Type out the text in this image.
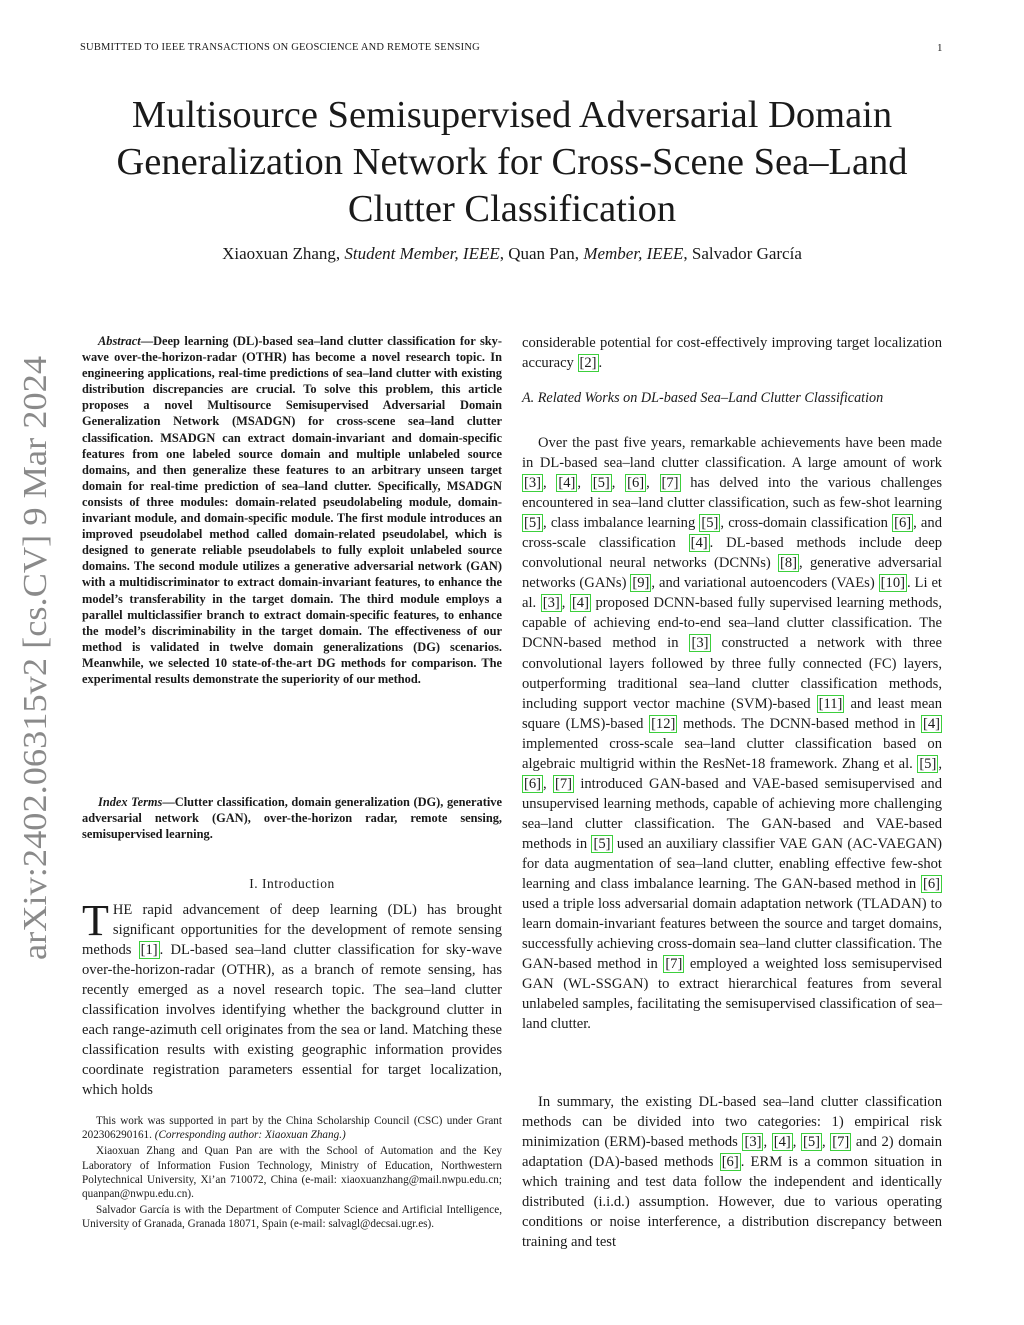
SUBMITTED TO IEEE TRANSACTIONS ON GEOSCIENCE AND REMOTE SENSING	1
Multisource Semisupervised Adversarial Domain
Generalization Network for Cross-Scene Sea–Land
Clutter Classification
Xiaoxuan Zhang, Student Member, IEEE, Quan Pan, Member, IEEE, Salvador García
arXiv:2402.06315v2 [cs.CV] 9 Mar 2024

Abstract—Deep learning (DL)-based sea–land clutter classification for sky-wave over-the-horizon-radar (OTHR) has become a novel research topic. In engineering applications, real-time predictions of sea–land clutter with existing distribution discrepancies are crucial. To solve this problem, this article proposes a novel Multisource Semisupervised Adversarial Domain Generalization Network (MSADGN) for cross-scene sea–land clutter classification. MSADGN can extract domain-invariant and domain-specific features from one labeled source domain and multiple unlabeled source domains, and then generalize these features to an arbitrary unseen target domain for real-time prediction of sea–land clutter. Specifically, MSADGN consists of three modules: domain-related pseudolabeling module, domain-invariant module, and domain-specific module. The first module introduces an improved pseudolabel method called domain-related pseudolabel, which is designed to generate reliable pseudolabels to fully exploit unlabeled source domains. The second module utilizes a generative adversarial network (GAN) with a multidiscriminator to extract domain-invariant features, to enhance the model’s transferability in the target domain. The third module employs a parallel multiclassifier branch to extract domain-specific features, to enhance the model’s discriminability in the target domain. The effectiveness of our method is validated in twelve domain generalizations (DG) scenarios. Meanwhile, we selected 10 state-of-the-art DG methods for comparison. The experimental results demonstrate the superiority of our method.

Index Terms—Clutter classification, domain generalization (DG), generative adversarial network (GAN), over-the-horizon radar, remote sensing, semisupervised learning.

I. Introduction

THE rapid advancement of deep learning (DL) has brought significant opportunities for the development of remote sensing methods [1] . DL-based sea–land clutter classification for sky-wave over-the-horizon-radar (OTHR), as a branch of remote sensing, has recently emerged as a novel research topic. The sea–land clutter classification involves identifying whether the background clutter in each range-azimuth cell originates from the sea or land. Matching these classification results with existing geographic information provides coordinate registration parameters essential for target localization, which holds

This work was supported in part by the China Scholarship Council (CSC) under Grant 202306290161. (Corresponding author: Xiaoxuan Zhang.)

Xiaoxuan Zhang and Quan Pan are with the School of Automation and the Key Laboratory of Information Fusion Technology, Ministry of Education, Northwestern Polytechnical University, Xi’an 710072, China (e-mail: xiaoxuanzhang@mail.nwpu.edu.cn; quanpan@nwpu.edu.cn).

Salvador García is with the Department of Computer Science and Artificial Intelligence, University of Granada, Granada 18071, Spain (e-mail: salvagl@decsai.ugr.es).

considerable potential for cost-effectively improving target localization accuracy [2] .

A. Related Works on DL-based Sea–Land Clutter Classification

Over the past five years, remarkable achievements have been made in DL-based sea–land clutter classification. A large amount of work [3] , [4] , [5] , [6] , [7] has delved into the various challenges encountered in sea–land clutter classification, such as few-shot learning [5] , class imbalance learning [5] , cross-domain classification [6] , and cross-scale classification [4] . DL-based methods include deep convolutional neural networks (DCNNs) [8] , generative adversarial networks (GANs) [9] , and variational autoencoders (VAEs) [10] . Li et al. [3] , [4] proposed DCNN-based fully supervised learning methods, capable of achieving end-to-end sea–land clutter classification. The DCNN-based method in [3] constructed a network with three convolutional layers followed by three fully connected (FC) layers, outperforming traditional sea–land clutter classification methods, including support vector machine (SVM)-based [11] and least mean square (LMS)-based [12] methods. The DCNN-based method in [4] implemented cross-scale sea–land clutter classification based on algebraic multigrid within the ResNet-18 framework. Zhang et al. [5] , [6] , [7] introduced GAN-based and VAE-based semisupervised and unsupervised learning methods, capable of achieving more challenging sea–land clutter classification. The GAN-based and VAE-based methods in [5] used an auxiliary classifier VAE GAN (AC-VAEGAN) for data augmentation of sea–land clutter, enabling effective few-shot learning and class imbalance learning. The GAN-based method in [6] used a triple loss adversarial domain adaptation network (TLADAN) to learn domain-invariant features between the source and target domains, successfully achieving cross-domain sea–land clutter classification. The GAN-based method in [7] employed a weighted loss semisupervised GAN (WL-SSGAN) to extract hierarchical features from several unlabeled samples, facilitating the semisupervised classification of sea–land clutter.

In summary, the existing DL-based sea–land clutter classification methods can be divided into two categories: 1) empirical risk minimization (ERM)-based methods [3] , [4] , [5] , [7] and 2) domain adaptation (DA)-based methods [6] . ERM is a common situation in which training and test data follow the independent and identically distributed (i.i.d.) assumption. However, due to various operating conditions or noise interference, a distribution discrepancy between training and test
